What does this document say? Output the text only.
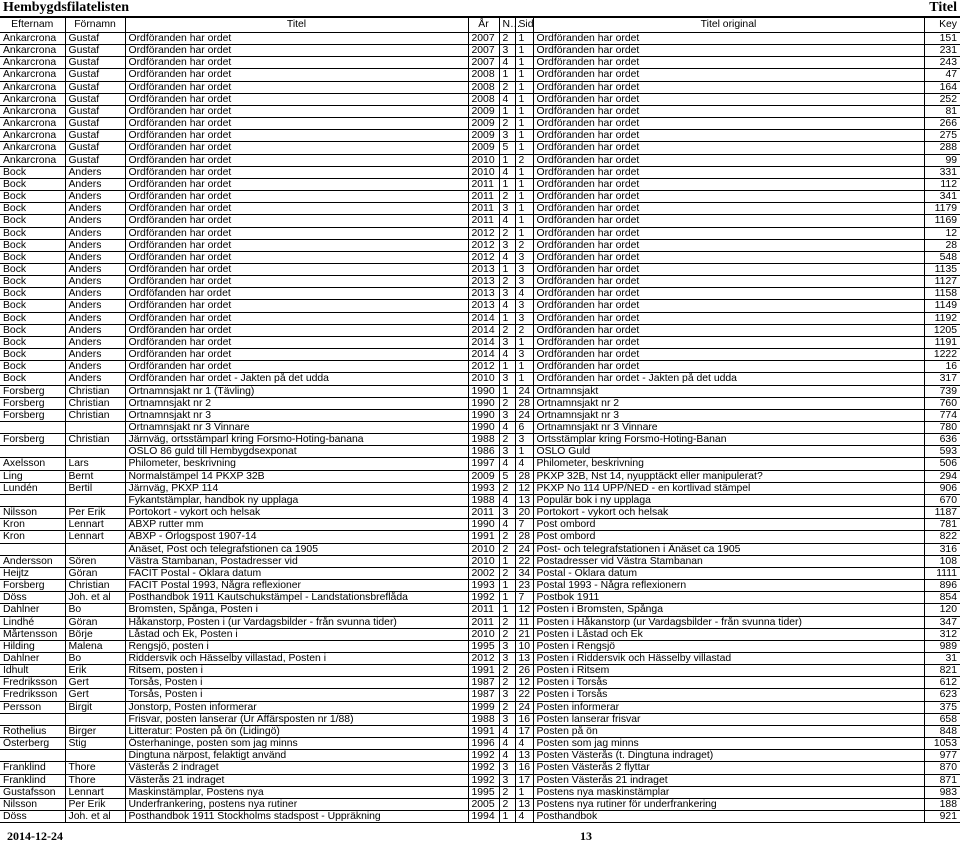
Hembygdsfilatelisten	Titel
Efternam	Förnamn	Titel	År	N…	Sid	Titel original	Key
Ankarcrona	Gustaf	Ordföranden har ordet	2007	2	1	Ordföranden har ordet	151
Ankarcrona	Gustaf	Ordföranden har ordet	2007	3	1	Ordföranden har ordet	231
Ankarcrona	Gustaf	Ordföranden har ordet	2007	4	1	Ordföranden har ordet	243
Ankarcrona	Gustaf	Ordföranden har ordet	2008	1	1	Ordföranden har ordet	47
Ankarcrona	Gustaf	Ordföranden har ordet	2008	2	1	Ordföranden har ordet	164
Ankarcrona	Gustaf	Ordföranden har ordet	2008	4	1	Ordföranden har ordet	252
Ankarcrona	Gustaf	Ordföranden har ordet	2009	1	1	Ordföranden har ordet	81
Ankarcrona	Gustaf	Ordföranden har ordet	2009	2	1	Ordföranden har ordet	266
Ankarcrona	Gustaf	Ordföranden har ordet	2009	3	1	Ordföranden har ordet	275
Ankarcrona	Gustaf	Ordföranden har ordet	2009	5	1	Ordföranden har ordet	288
Ankarcrona	Gustaf	Ordföranden har ordet	2010	1	2	Ordföranden har ordet	99
Bock	Anders	Ordföranden har ordet	2010	4	1	Ordföranden har ordet	331
Bock	Anders	Ordföranden har ordet	2011	1	1	Ordföranden har ordet	112
Bock	Anders	Ordföranden har ordet	2011	2	1	Ordföranden har ordet	341
Bock	Anders	Ordföranden har ordet	2011	3	1	Ordföranden har ordet	1179
Bock	Anders	Ordföranden har ordet	2011	4	1	Ordföranden har ordet	1169
Bock	Anders	Ordföranden har ordet	2012	2	1	Ordföranden har ordet	12
Bock	Anders	Ordföranden har ordet	2012	3	2	Ordföranden har ordet	28
Bock	Anders	Ordföranden har ordet	2012	4	3	Ordföranden har ordet	548
Bock	Anders	Ordföranden har ordet	2013	1	3	Ordföranden har ordet	1135
Bock	Anders	Ordföranden har ordet	2013	2	3	Ordföranden har ordet	1127
Bock	Anders	Ordföfanden har ordet	2013	3	4	Ordföranden har ordet	1158
Bock	Anders	Ordföranden har ordet	2013	4	3	Ordföranden har ordet	1149
Bock	Anders	Ordföranden har ordet	2014	1	3	Ordföranden har ordet	1192
Bock	Anders	Ordföranden har ordet	2014	2	2	Ordföranden har ordet	1205
Bock	Anders	Ordföranden har ordet	2014	3	1	Ordföranden har ordet	1191
Bock	Anders	Ordföranden har ordet	2014	4	3	Ordföranden har ordet	1222
Bock	Anders	Ordföranden har ordet	2012	1	1	Ordföranden har ordet	16
Bock	Anders	Ordföranden har ordet - Jakten på det udda	2010	3	1	Ordföranden har ordet - Jakten på det udda	317
Forsberg	Christian	Ortnamnsjakt nr 1 (Tävling)	1990	1	24	Ortnamnsjakt	739
Forsberg	Christian	Ortnamnsjakt nr 2	1990	2	28	Ortnamnsjakt nr 2	760
Forsberg	Christian	Ortnamnsjakt nr 3	1990	3	24	Ortnamnsjakt nr 3	774
		Ortnamnsjakt nr 3 Vinnare	1990	4	6	Ortnamnsjakt nr 3 Vinnare	780
Forsberg	Christian	Järnväg, ortsstämparl kring Forsmo-Hoting-banana	1988	2	3	Ortsstämplar kring Forsmo-Hoting-Banan	636
		OSLO 86 guld till Hembygdsexponat	1986	3	1	OSLO Guld	593
Axelsson	Lars	Philometer, beskrivning	1997	4	4	Philometer, beskrivning	506
Ling	Bernt	Normalstämpel 14 PKXP 32B	2009	5	28	PKXP 32B, Nst 14, nyupptäckt eller manipulerat?	294
Lundén	Bertil	Järnväg, PKXP 114	1993	2	12	PKXP No 114 UPP/NED - en kortlivad stämpel	906
		Fykantstämplar, handbok ny upplaga	1988	4	13	Populär bok i ny upplaga	670
Nilsson	Per Erik	Portokort - vykort och helsak	2011	3	20	Portokort - vykort och helsak	1187
Kron	Lennart	ÄBXP rutter mm	1990	4	7	Post ombord	781
Kron	Lennart	ÄBXP - Örlogspost 1907-14	1991	2	28	Post ombord	822
		Änäset, Post och telegrafstionen ca 1905	2010	2	24	Post- och telegrafstationen i Änäset ca 1905	316
Andersson	Sören	Västra Stambanan, Postadresser vid	2010	1	22	Postadresser vid Västra Stambanan	108
Heijtz	Göran	FACIT Postal - Öklara datum	2002	2	34	Postal - Oklara datum	1111
Forsberg	Christian	FACIT Postal 1993, Några reflexioner	1993	1	23	Postal 1993 - Några reflexionern	896
Döss	Joh. et al	Posthandbok 1911 Kautschukstämpel - Landstationsbreflåda	1992	1	7	Postbok 1911	854
Dahlner	Bo	Bromsten, Spånga, Posten i	2011	1	12	Posten i Bromsten, Spånga	120
Lindhé	Göran	Håkanstorp, Posten i (ur Vardagsbilder - från svunna tider)	2011	2	11	Posten i Håkanstorp (ur Vardagsbilder - från svunna tider)	347
Mårtensson	Börje	Låstad och Ek, Posten i	2010	2	21	Posten i Låstad och Ek	312
Hilding	Malena	Rengsjö, posten i	1995	3	10	Posten i Rengsjö	989
Dahlner	Bo	Riddersvik och Hässelby villastad, Posten i	2012	3	13	Posten i Riddersvik och Hässelby villastad	31
Idhult	Erik	Ritsem, posten i	1991	2	26	Posten i Ritsem	821
Fredriksson	Gert	Torsås, Posten i	1987	2	12	Posten i Torsås	612
Fredriksson	Gert	Torsås, Posten i	1987	3	22	Posten i Torsås	623
Persson	Birgit	Jonstorp, Posten informerar	1999	2	24	Posten informerar	375
		Frisvar, posten lanserar (Ur Affärsposten nr 1/88)	1988	3	16	Posten lanserar frisvar	658
Rothelius	Birger	Litteratur: Posten på ön (Lidingö)	1991	4	17	Posten på ön	848
Österberg	Stig	Österhaninge, posten som jag minns	1996	4	4	Posten som jag minns	1053
		Dingtuna närpost, felaktigt använd	1992	4	13	Posten Västerås (t. Dingtuna indraget)	977
Franklind	Thore	Västerås 2 indraget	1992	3	16	Posten Västerås 2 flyttar	870
Franklind	Thore	Västerås 21 indraget	1992	3	17	Posten Västerås 21 indraget	871
Gustafsson	Lennart	Maskinstämplar, Postens nya	1995	2	1	Postens nya maskinstämplar	983
Nilsson	Per Erik	Underfrankering, postens nya rutiner	2005	2	13	Postens nya rutiner för underfrankering	188
Döss	Joh. et al	Posthandbok 1911 Stockholms stadspost - Uppräkning	1994	1	4	Posthandbok	921
2014-12-24	13
